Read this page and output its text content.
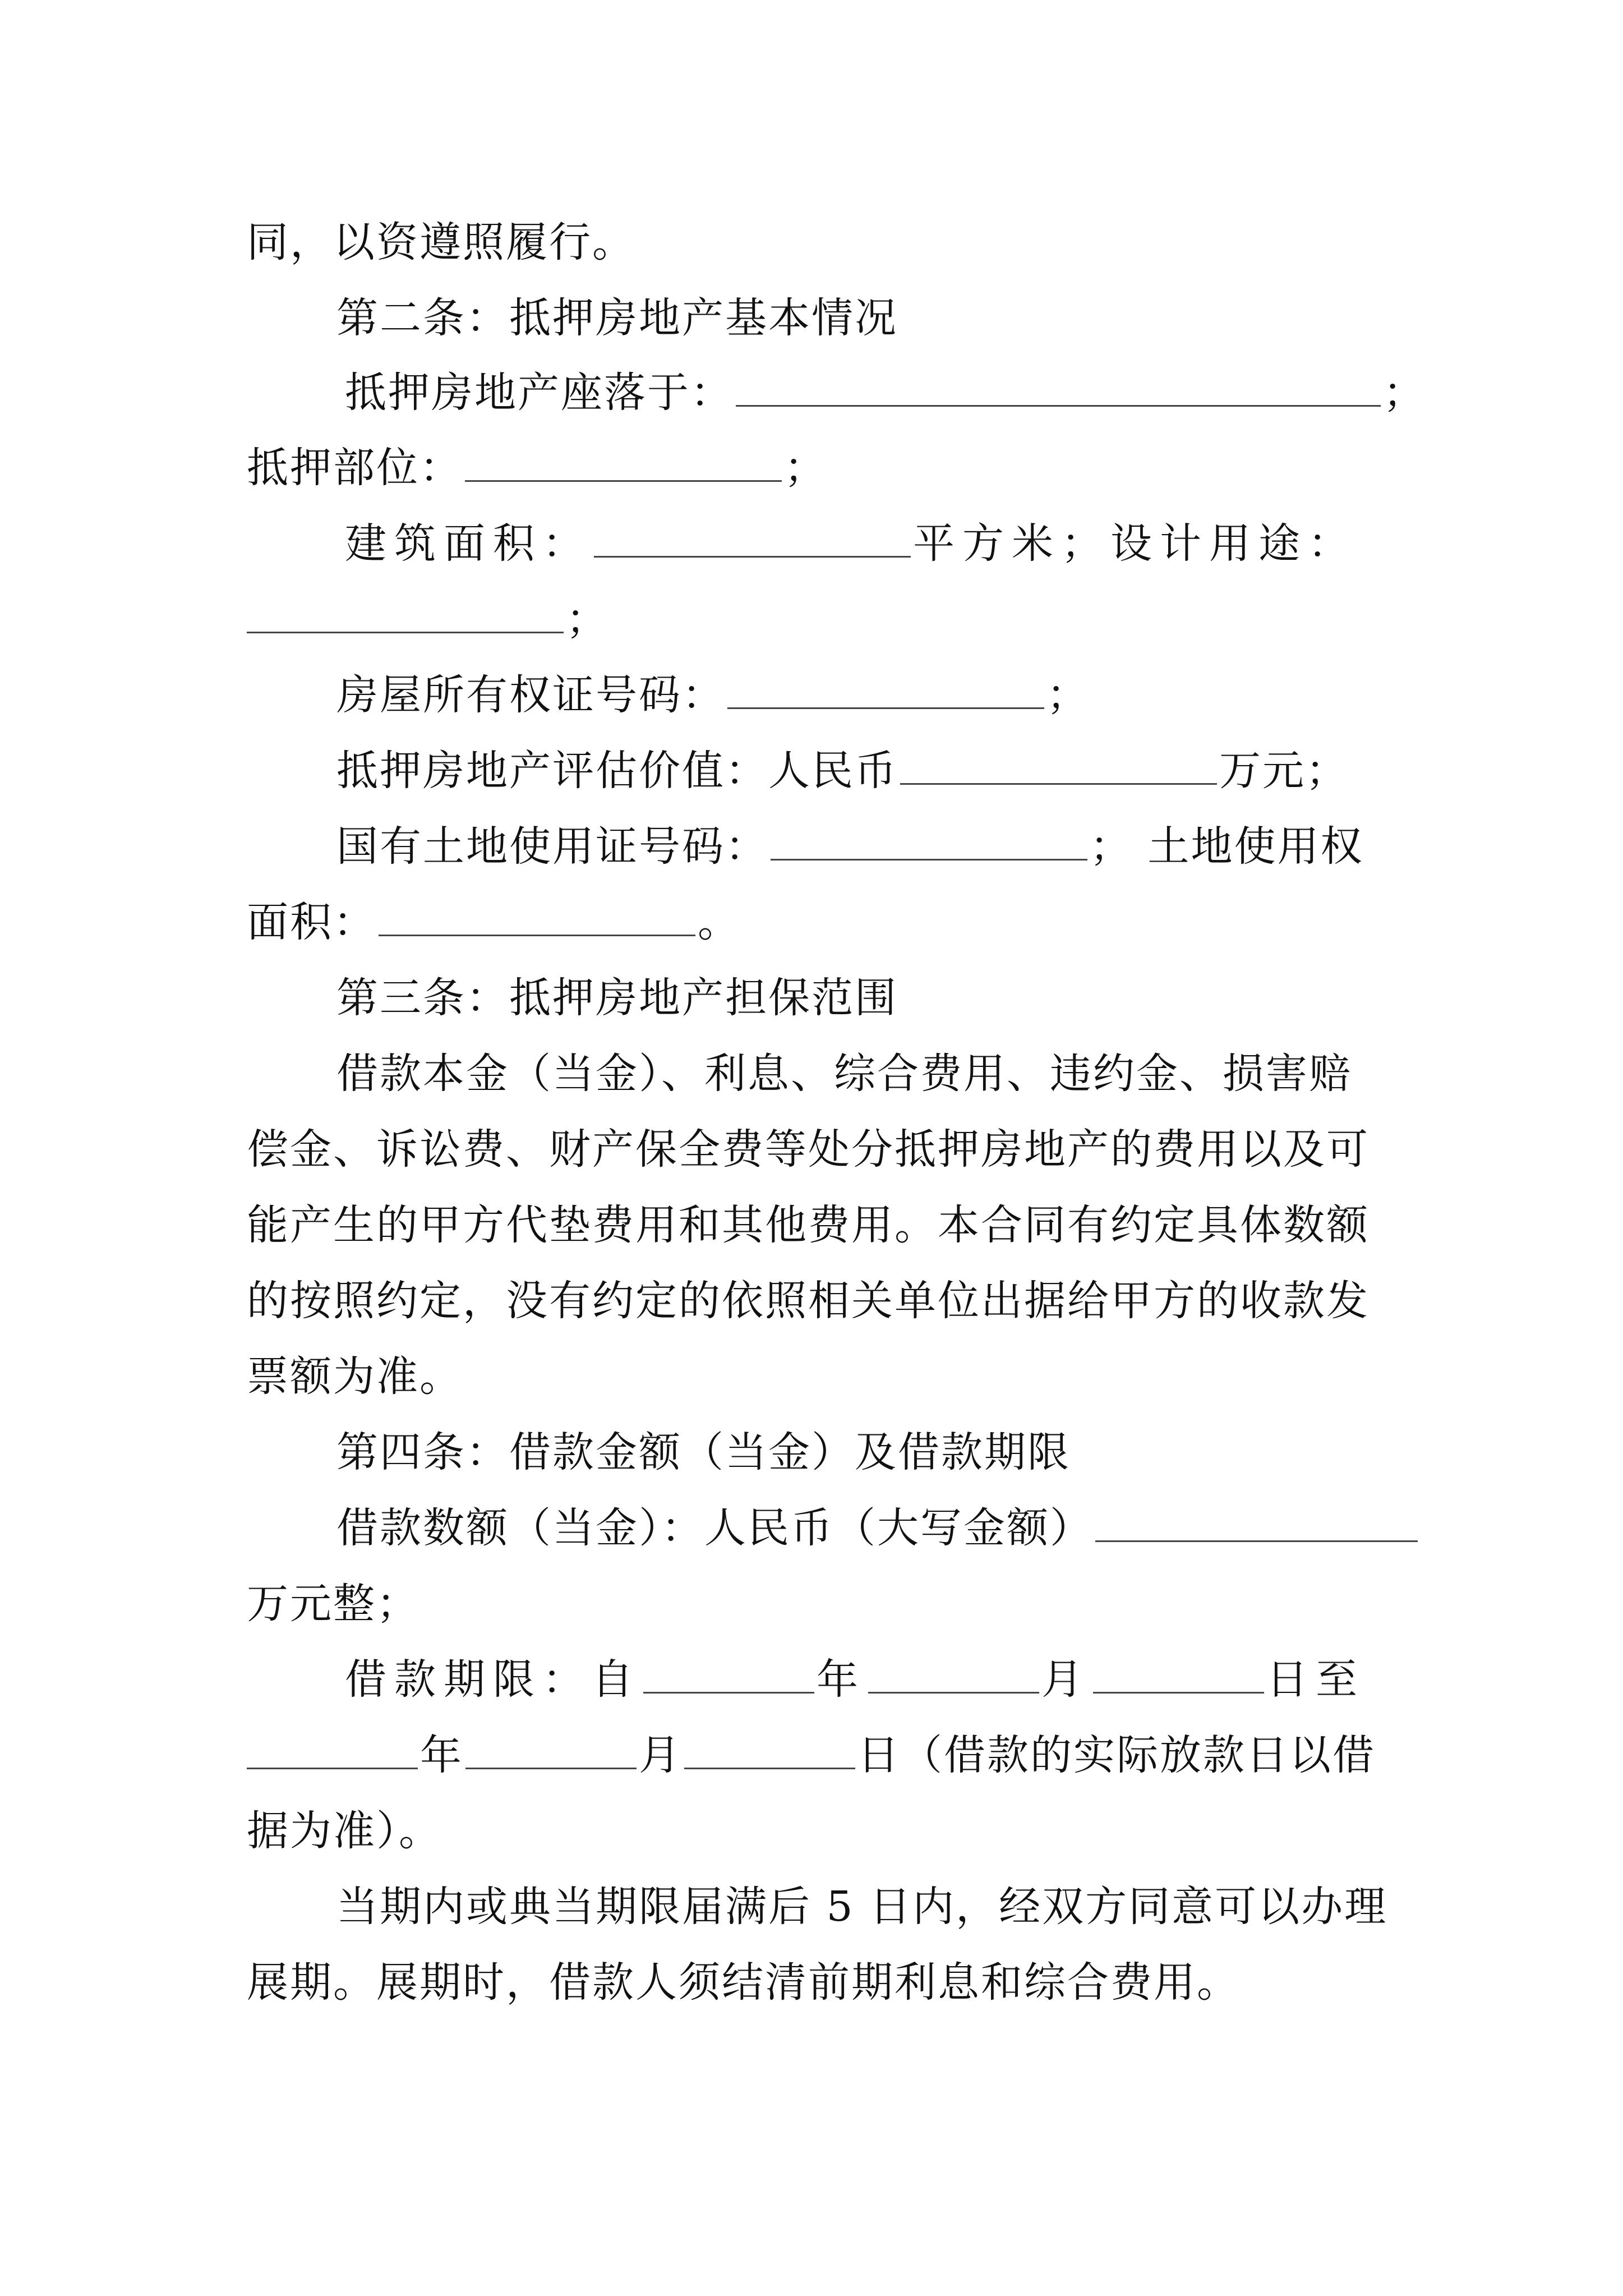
同，以资遵照履行。
第二条：抵押房地产基本情况
抵押房地产座落于：	；
抵押部位：	；
建筑面积：	平方米；设计用途：
；
房屋所有权证号码：	；
抵押房地产评估价值：人民币	万元；
国有土地使用证号码：	； 土地使用权
面积：	。
第三条：抵押房地产担保范围
借款本金（当金）、利息、综合费用、违约金、损害赔
偿金、诉讼费、财产保全费等处分抵押房地产的费用以及可
能产生的甲方代垫费用和其他费用。本合同有约定具体数额
的按照约定，没有约定的依照相关单位出据给甲方的收款发
票额为准。
第四条：借款金额（当金）及借款期限
借款数额（当金）：人民币（大写金额）
万元整；
借款期限：自	年	月	日至
年	月	日（借款的实际放款日以借
据为准）。
当期内或典当期限届满后 5 日内，经双方同意可以办理
展期。展期时，借款人须结清前期利息和综合费用。
